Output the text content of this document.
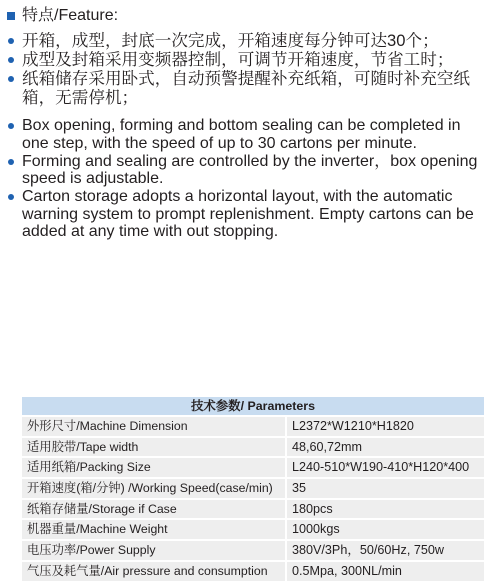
特点/Feature:
开箱，成型，封底一次完成，开箱速度每分钟可达30个；
成型及封箱采用变频器控制，可调节开箱速度，节省工时；
纸箱储存采用卧式，自动预警提醒补充纸箱，可随时补充空纸
箱，无需停机；
Box opening, forming and bottom sealing can be completed in
one step, with the speed of up to 30 cartons per minute.
Forming and sealing are controlled by the inverter，box opening
speed is adjustable.
Carton storage adopts a horizontal layout, with the automatic
warning system to prompt replenishment. Empty cartons can be
added at any time with out stopping.
技术参数/ Parameters
外形尺寸/Machine Dimension	L2372*W1210*H1820
适用胶带/Tape width	48,60,72mm
适用纸箱/Packing Size	L240-510*W190-410*H120*400
开箱速度(箱/分钟) /Working Speed(case/min)	35
纸箱存储量/Storage if Case	180pcs
机器重量/Machine Weight	1000kgs
电压功率/Power Supply	380V/3Ph，50/60Hz, 750w
气压及耗气量/Air pressure and consumption	0.5Mpa, 300NL/min
